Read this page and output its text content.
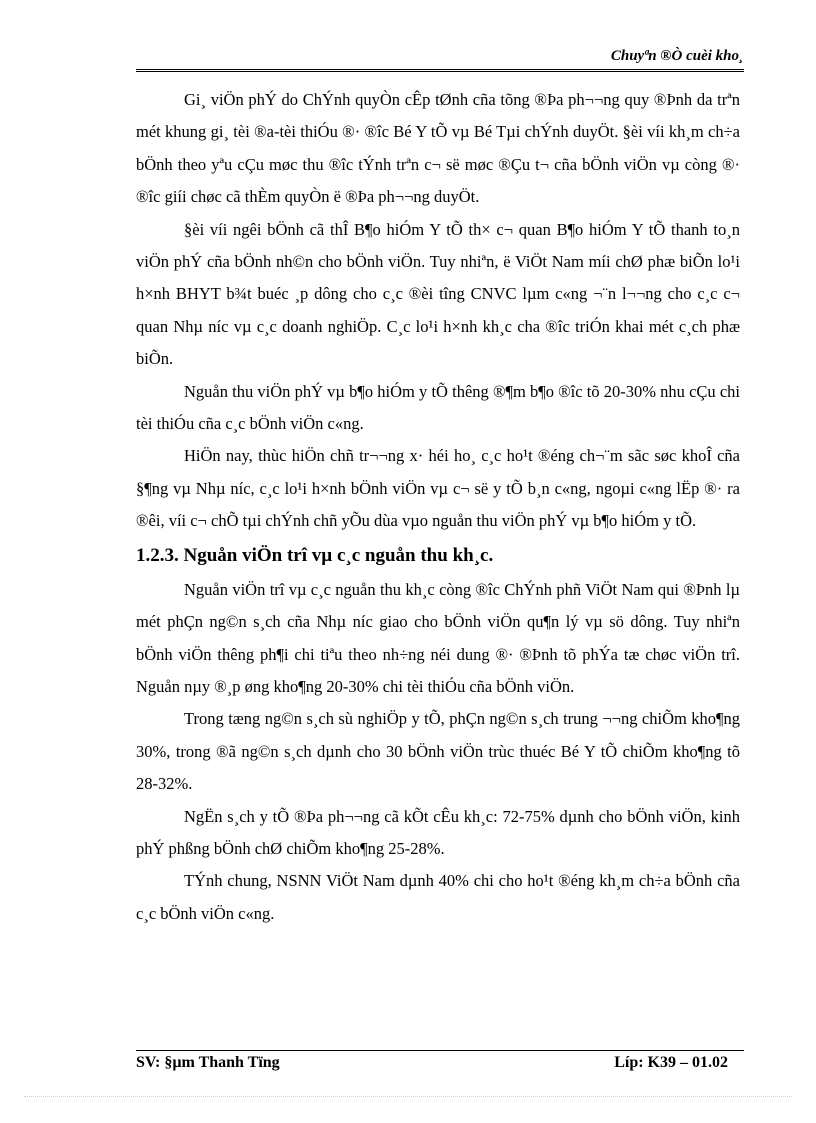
Chuyªn ®Ò cuèi kho¸

Gi¸ viÖn phÝ do ChÝnh quyÒn cÊp tØnh cña tõng ®Þa ph¬¬ng quy ®Þnh da trªn mét khung gi¸ tèi ®a-tèi thiÓu ®· ®îc Bé Y tÕ vµ Bé Tµi chÝnh duyÖt. §èi víi kh¸m ch÷a bÖnh theo yªu cÇu møc thu ®îc tÝnh trªn c¬ së møc ®Çu t¬ cña bÖnh viÖn vµ còng ®· ®îc giíi chøc cã thÈm quyÒn ë ®Þa ph¬¬ng duyÖt.

§èi víi ngêi bÖnh cã thÎ B¶o hiÓm Y tÕ th× c¬ quan B¶o hiÓm Y tÕ thanh to¸n viÖn phÝ cña bÖnh nh©n cho bÖnh viÖn. Tuy nhiªn, ë ViÖt Nam míi chØ phæ biÕn lo¹i h×nh BHYT b¾t buéc ¸p dông cho c¸c ®èi tîng CNVC lµm c«ng ¬¨n l¬¬ng cho c¸c c¬ quan Nhµ níc vµ c¸c doanh nghiÖp. C¸c lo¹i h×nh kh¸c cha ®îc triÓn khai mét c¸ch phæ biÕn.

Nguån thu viÖn phÝ vµ b¶o hiÓm y tÕ thêng ®¶m b¶o ®îc tõ 20-30% nhu cÇu chi tèi thiÓu cña c¸c bÖnh viÖn c«ng.

HiÖn nay, thùc hiÖn chñ tr¬¬ng x· héi ho¸ c¸c ho¹t ®éng ch¬¨m sãc søc khoÎ cña §¶ng vµ Nhµ níc, c¸c lo¹i h×nh bÖnh viÖn vµ c¬ së y tÕ b¸n c«ng, ngoµi c«ng lËp ®· ra ®êi, víi c¬ chÕ tµi chÝnh chñ yÕu dùa vµo nguån thu viÖn phÝ vµ b¶o hiÓm y tÕ.

1.2.3. Nguån viÖn trî vµ c¸c nguån thu kh¸c.

Nguån viÖn trî vµ c¸c nguån thu kh¸c còng ®îc ChÝnh phñ ViÖt Nam qui ®Þnh lµ mét phÇn ng©n s¸ch cña Nhµ níc giao cho bÖnh viÖn qu¶n lý vµ sö dông. Tuy nhiªn bÖnh viÖn thêng ph¶i chi tiªu theo nh÷ng néi dung ®· ®Þnh tõ phÝa tæ chøc viÖn trî. Nguån nµy ®¸p øng kho¶ng 20-30% chi tèi thiÓu cña bÖnh viÖn.

Trong tæng ng©n s¸ch sù nghiÖp y tÕ, phÇn ng©n s¸ch trung ¬¬ng chiÕm kho¶ng 30%, trong ®ã ng©n s¸ch dµnh cho 30 bÖnh viÖn trùc thuéc Bé Y tÕ chiÕm kho¶ng tõ 28-32%.

NgËn s¸ch y tÕ ®Þa ph¬¬ng cã kÕt cÊu kh¸c: 72-75% dµnh cho bÖnh viÖn, kinh phÝ phßng bÖnh chØ chiÕm kho¶ng 25-28%.

TÝnh chung, NSNN ViÖt Nam dµnh 40% chi cho ho¹t ®éng kh¸m ch÷a bÖnh cña c¸c bÖnh viÖn c«ng.

SV: §µm Thanh Tïng	Líp: K39 – 01.02
